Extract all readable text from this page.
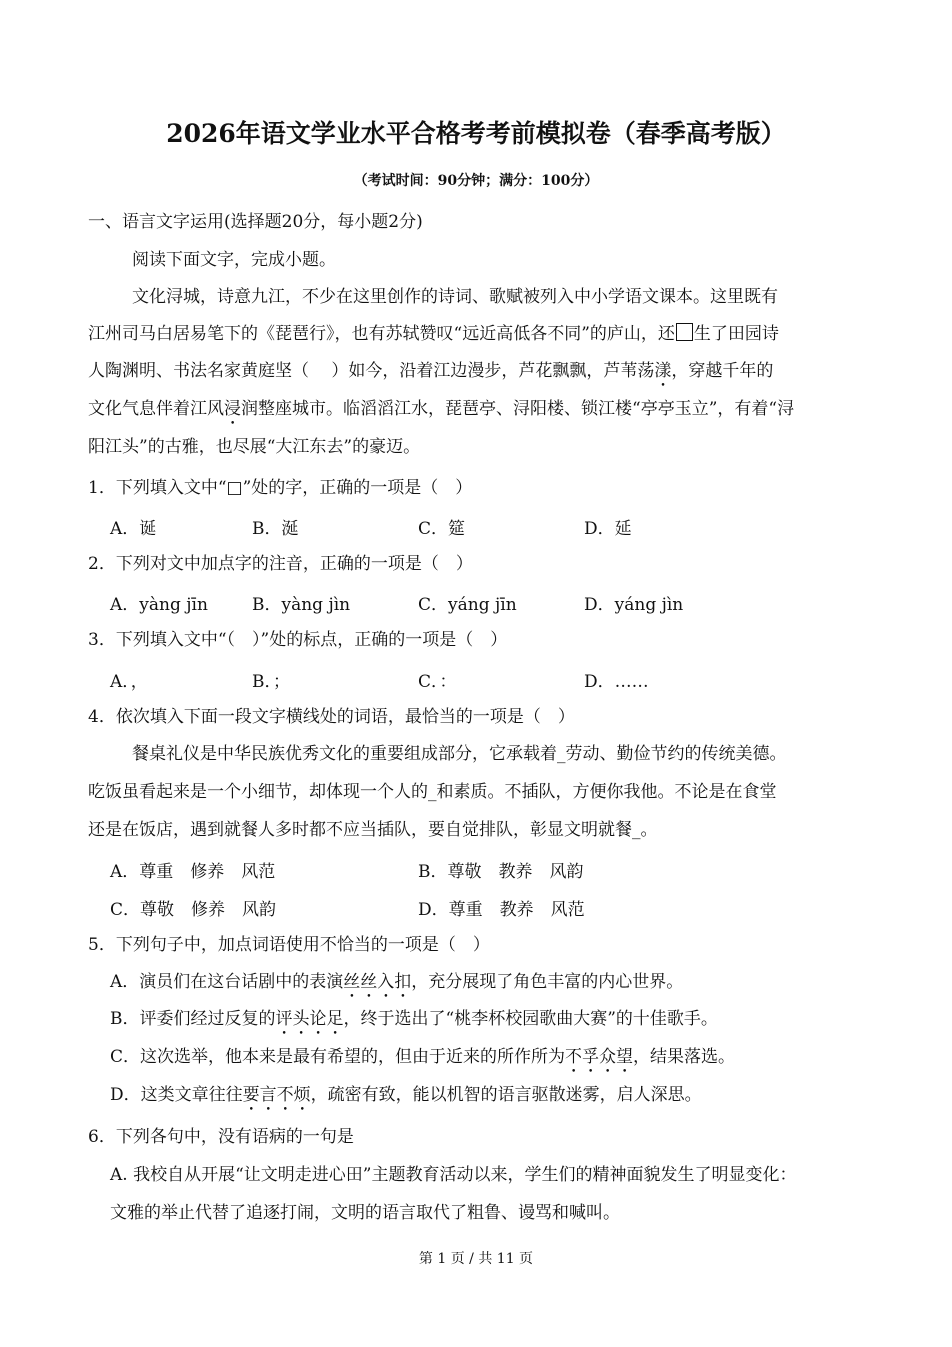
2026年语文学业水平合格考考前模拟卷（春季高考版）
（考试时间：90分钟；满分：100分）
一、语言文字运用(选择题20分，每小题2分)
阅读下面文字，完成小题。
文化浔城，诗意九江，不少在这里创作的诗词、歌赋被列入中小学语文课本。这里既有
江州司马白居易笔下的《琵琶行》，也有苏轼赞叹“远近高低各不同”的庐山，还 生了田园诗
人陶渊明、书法名家黄庭坚（　 ）如今，沿着江边漫步，芦花飘飘，芦苇荡漾，穿越千年的
文化气息伴着江风浸润整座城市。临滔滔江水，琵琶亭、浔阳楼、锁江楼“亭亭玉立”，有着“浔
阳江头”的古雅，也尽展“大江东去”的豪迈。
1．下列填入文中“□”处的字，正确的一项是（　）
A．诞	B．涎	C．筵	D．延
2．下列对文中加点字的注音，正确的一项是（　）
A．yàng jīn	B．yàng jìn	C．yáng jīn	D．yáng jìn
3．下列填入文中“（　）”处的标点，正确的一项是（　）
A．，	B．；	C．：	D．……
4．依次填入下面一段文字横线处的词语，最恰当的一项是（　）
餐桌礼仪是中华民族优秀文化的重要组成部分，它承载着_劳动、勤俭节约的传统美德。
吃饭虽看起来是一个小细节，却体现一个人的_和素质。不插队，方便你我他。不论是在食堂
还是在饭店，遇到就餐人多时都不应当插队，要自觉排队，彰显文明就餐_。
A．尊重　修养　风范	B．尊敬　教养　风韵
C．尊敬　修养　风韵	D．尊重　教养　风范
5．下列句子中，加点词语使用不恰当的一项是（　）
A．演员们在这台话剧中的表演丝丝入扣，充分展现了角色丰富的内心世界。
B．评委们经过反复的评头论足，终于选出了“桃李杯校园歌曲大赛”的十佳歌手。
C．这次选举，他本来是最有希望的，但由于近来的所作所为不孚众望，结果落选。
D．这类文章往往要言不烦，疏密有致，能以机智的语言驱散迷雾，启人深思。
6．下列各句中，没有语病的一句是
A. 我校自从开展“让文明走进心田”主题教育活动以来，学生们的精神面貌发生了明显变化：
文雅的举止代替了追逐打闹，文明的语言取代了粗鲁、谩骂和喊叫。
第 1 页 / 共 11 页
